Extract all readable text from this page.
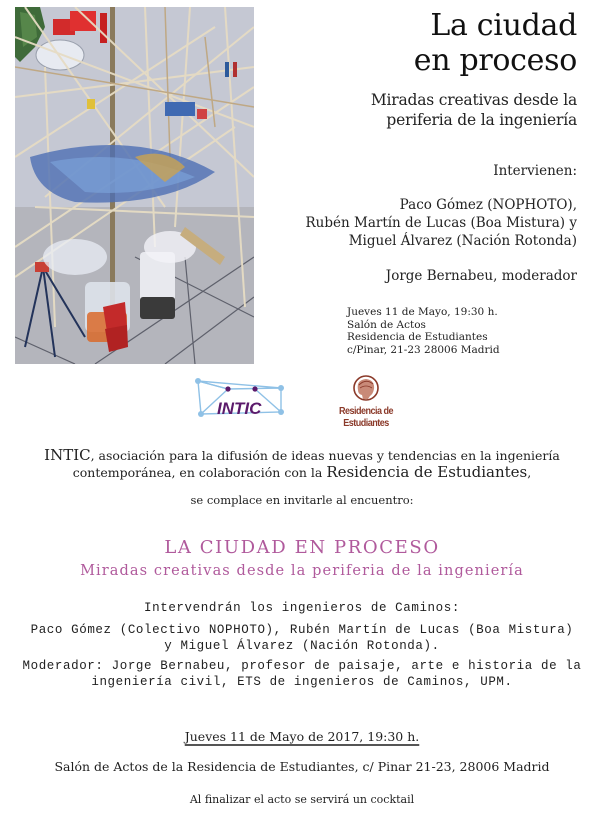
La ciudad
en proceso
Miradas creativas desde la
periferia de la ingeniería
Intervienen:
Paco Gómez (NOPHOTO),
Rubén Martín de Lucas (Boa Mistura) y
Miguel Álvarez (Nación Rotonda)
Jorge Bernabeu, moderador
Jueves 11 de Mayo, 19:30 h.
Salón de Actos
Residencia de Estudiantes
c/Pinar, 21-23 28006 Madrid
INTIC	Residencia de Estudiantes
INTIC, asociación para la difusión de ideas nuevas y tendencias en la ingeniería
contemporánea, en colaboración con la Residencia de Estudiantes,
se complace en invitarle al encuentro:
LA CIUDAD EN PROCESO
Miradas creativas desde la periferia de la ingeniería
Intervendrán los ingenieros de Caminos:
Paco Gómez (Colectivo NOPHOTO), Rubén Martín de Lucas (Boa Mistura)
y Miguel Álvarez (Nación Rotonda).
Moderador: Jorge Bernabeu, profesor de paisaje, arte e historia de la
ingeniería civil, ETS de ingenieros de Caminos, UPM.
Jueves 11 de Mayo de 2017, 19:30 h.
Salón de Actos de la Residencia de Estudiantes, c/ Pinar 21-23, 28006 Madrid
Al finalizar el acto se servirá un cocktail
